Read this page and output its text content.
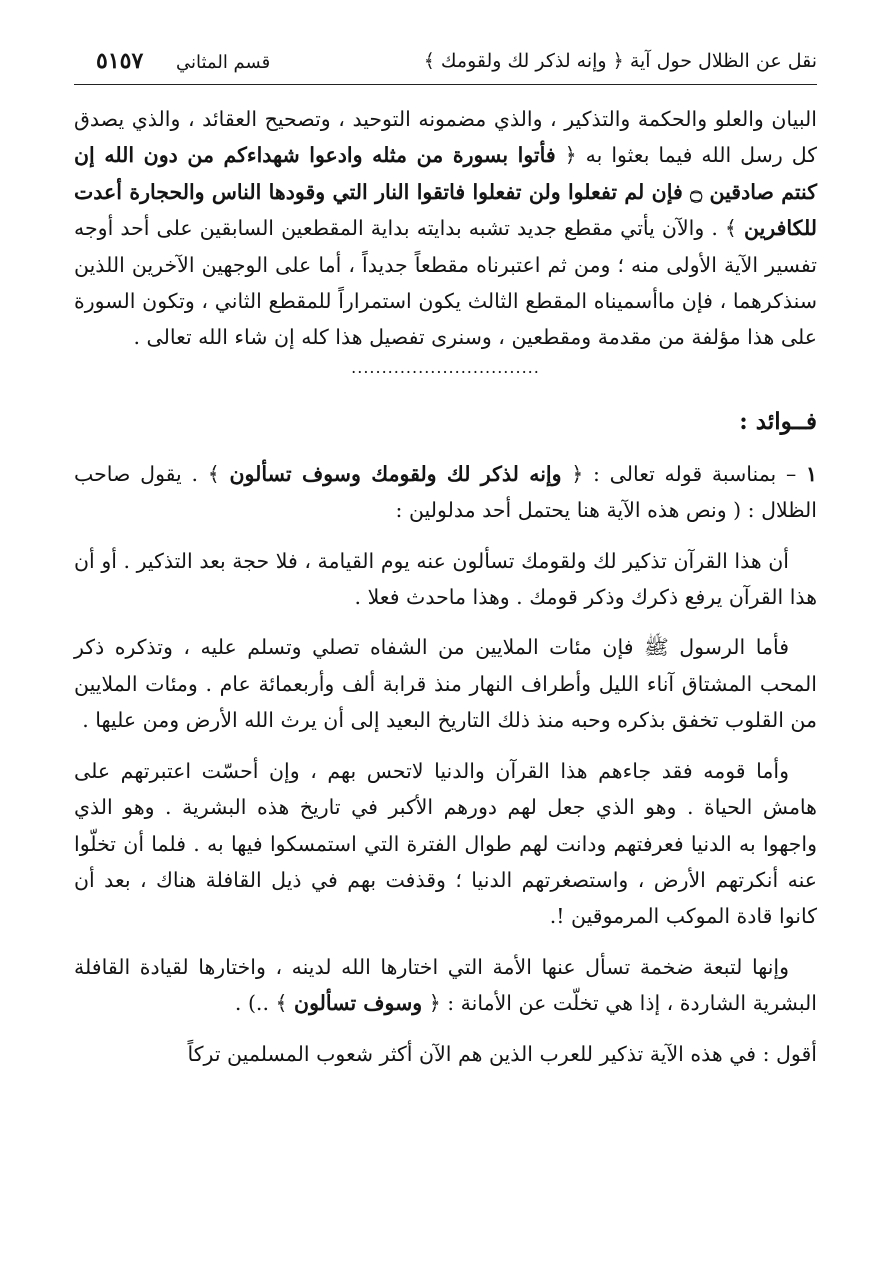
نقل عن الظلال حول آية ﴿ وإنه لذكر لك ولقومك ﴾
قسم المثاني
٥١٥٧

البيان والعلو والحكمة والتذكير ، والذي مضمونه التوحيد ، وتصحيح العقائد ، والذي يصدق كل رسل الله فيما بعثوا به ﴿ فأتوا بسورة من مثله وادعوا شهداءكم من دون الله إن كنتم صادقين ۝ فإن لم تفعلوا ولن تفعلوا فاتقوا النار التي وقودها الناس والحجارة أعدت للكافرين ﴾ . والآن يأتي مقطع جديد تشبه بدايته بداية المقطعين السابقين على أحد أوجه تفسير الآية الأولى منه ؛ ومن ثم اعتبرناه مقطعاً جديداً ، أما على الوجهين الآخرين اللذين سنذكرهما ، فإن ماأسميناه المقطع الثالث يكون استمراراً للمقطع الثاني ، وتكون السورة على هذا مؤلفة من مقدمة ومقطعين ، وسنرى تفصيل هذا كله إن شاء الله تعالى .

...............................
فــوائد :

١ – بمناسبة قوله تعالى : ﴿ وإنه لذكر لك ولقومك وسوف تسألون ﴾ . يقول صاحب الظلال : ( ونص هذه الآية هنا يحتمل أحد مدلولين :

أن هذا القرآن تذكير لك ولقومك تسألون عنه يوم القيامة ، فلا حجة بعد التذكير . أو أن هذا القرآن يرفع ذكرك وذكر قومك . وهذا ماحدث فعلا .

فأما الرسول ﷺ فإن مئات الملايين من الشفاه تصلي وتسلم عليه ، وتذكره ذكر المحب المشتاق آناء الليل وأطراف النهار منذ قرابة ألف وأربعمائة عام . ومئات الملايين من القلوب تخفق بذكره وحبه منذ ذلك التاريخ البعيد إلى أن يرث الله الأرض ومن عليها .

وأما قومه فقد جاءهم هذا القرآن والدنيا لاتحس بهم ، وإن أحسّت اعتبرتهم على هامش الحياة . وهو الذي جعل لهم دورهم الأكبر في تاريخ هذه البشرية . وهو الذي واجهوا به الدنيا فعرفتهم ودانت لهم طوال الفترة التي استمسكوا فيها به . فلما أن تخلّوا عنه أنكرتهم الأرض ، واستصغرتهم الدنيا ؛ وقذفت بهم في ذيل القافلة هناك ، بعد أن كانوا قادة الموكب المرموقين !.

وإنها لتبعة ضخمة تسأل عنها الأمة التي اختارها الله لدينه ، واختارها لقيادة القافلة البشرية الشاردة ، إذا هي تخلّت عن الأمانة : ﴿ وسوف تسألون ﴾ ..) .

أقول : في هذه الآية تذكير للعرب الذين هم الآن أكثر شعوب المسلمين تركاً
